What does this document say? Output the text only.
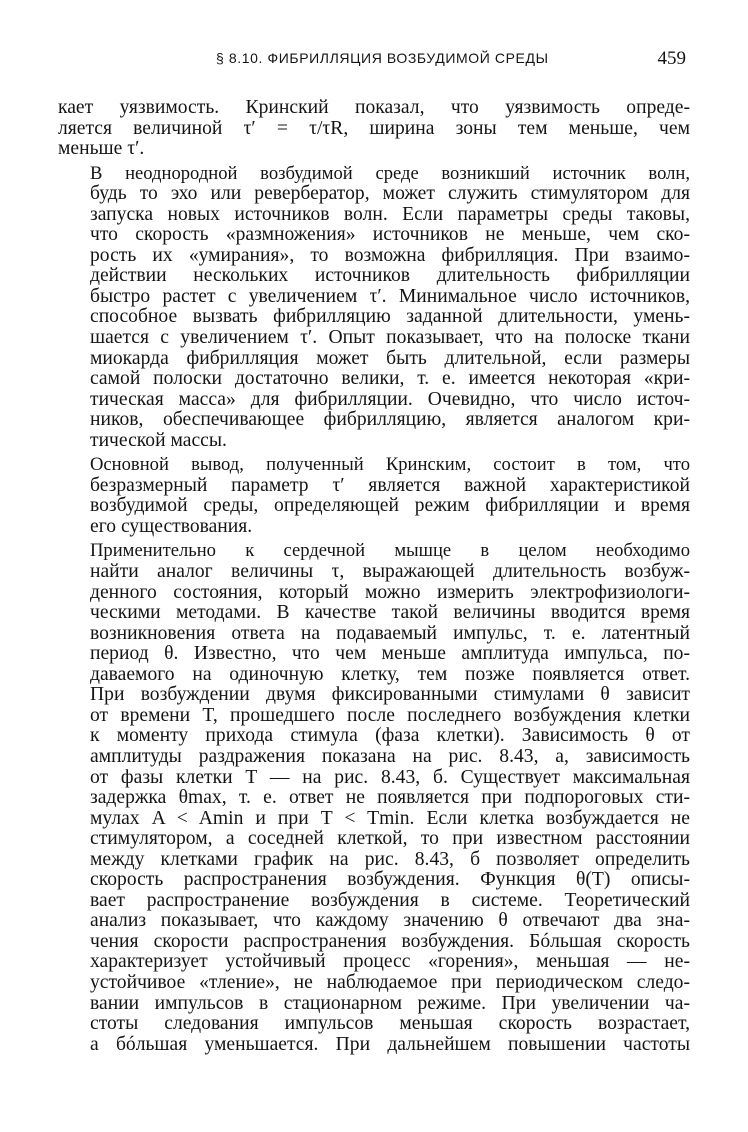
§ 8.10. ФИБРИЛЛЯЦИЯ ВОЗБУДИМОЙ СРЕДЫ	459

кает уязвимость. Кринский показал, что уязвимость опреде-
ляется величиной τ′ = τ/τR, ширина зоны тем меньше, чем
меньше τ′.

В неоднородной возбудимой среде возникший источник волн,
будь то эхо или ревербератор, может служить стимулятором для
запуска новых источников волн. Если параметры среды таковы,
что скорость «размножения» источников не меньше, чем ско-
рость их «умирания», то возможна фибрилляция. При взаимо-
действии нескольких источников длительность фибрилляции
быстро растет с увеличением τ′. Минимальное число источников,
способное вызвать фибрилляцию заданной длительности, умень-
шается с увеличением τ′. Опыт показывает, что на полоске ткани
миокарда фибрилляция может быть длительной, если размеры
самой полоски достаточно велики, т. е. имеется некоторая «кри-
тическая масса» для фибрилляции. Очевидно, что число источ-
ников, обеспечивающее фибрилляцию, является аналогом кри-
тической массы.

Основной вывод, полученный Кринским, состоит в том, что
безразмерный параметр τ′ является важной характеристикой
возбудимой среды, определяющей режим фибрилляции и время
его существования.

Применительно к сердечной мышце в целом необходимо
найти аналог величины τ, выражающей длительность возбуж-
денного состояния, который можно измерить электрофизиологи-
ческими методами. В качестве такой величины вводится время
возникновения ответа на подаваемый импульс, т. е. латентный
период θ. Известно, что чем меньше амплитуда импульса, по-
даваемого на одиночную клетку, тем позже появляется ответ.
При возбуждении двумя фиксированными стимулами θ зависит
от времени T, прошедшего после последнего возбуждения клетки
к моменту прихода стимула (фаза клетки). Зависимость θ от
амплитуды раздражения показана на рис. 8.43, а, зависимость
от фазы клетки T — на рис. 8.43, б. Существует максимальная
задержка θmax, т. е. ответ не появляется при подпороговых сти-
мулах A < Amin и при T < Tmin. Если клетка возбуждается не
стимулятором, а соседней клеткой, то при известном расстоянии
между клетками график на рис. 8.43, б позволяет определить
скорость распространения возбуждения. Функция θ(T) описы-
вает распространение возбуждения в системе. Теоретический
анализ показывает, что каждому значению θ отвечают два зна-
чения скорости распространения возбуждения. Бóльшая скорость
характеризует устойчивый процесс «горения», меньшая — не-
устойчивое «тление», не наблюдаемое при периодическом следо-
вании импульсов в стационарном режиме. При увеличении ча-
стоты следования импульсов меньшая скорость возрастает,
а бóльшая уменьшается. При дальнейшем повышении частоты
